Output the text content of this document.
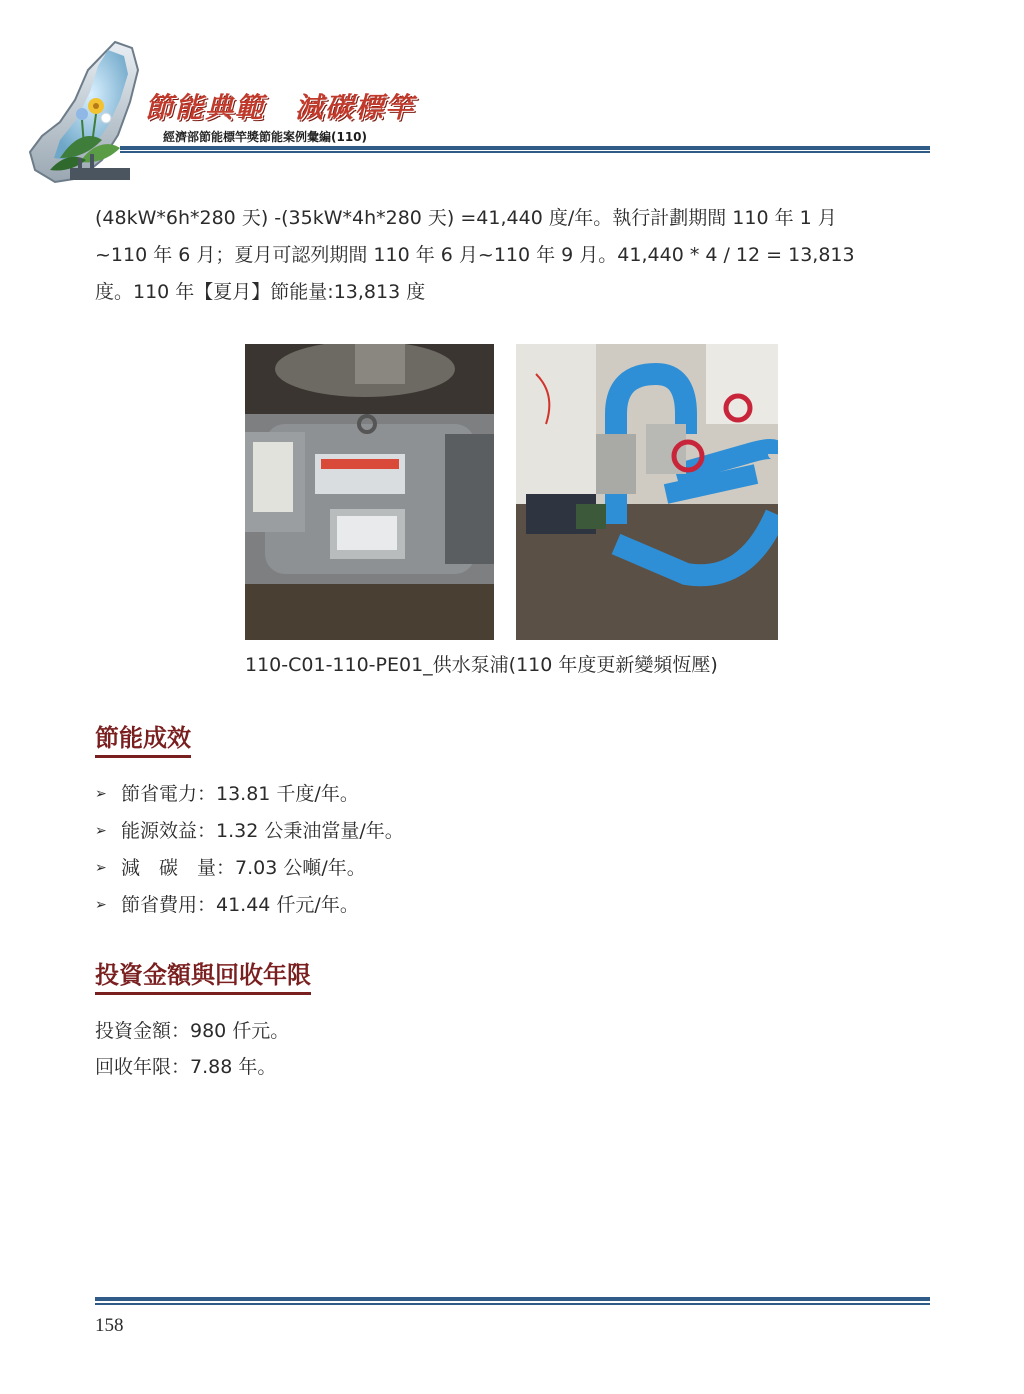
節能典範　減碳標竿
經濟部節能標竿獎節能案例彙編(110)
(48kW*6h*280 天) -(35kW*4h*280 天) =41,440 度/年。執行計劃期間 110 年 1 月
~110 年 6 月；夏月可認列期間 110 年 6 月~110 年 9 月。41,440 * 4 / 12 = 13,813
度。110 年【夏月】節能量:13,813 度
110-C01-110-PE01_供水泵浦(110 年度更新變頻恆壓)
節能成效
➢ 節省電力：13.81 千度/年。
➢ 能源效益：1.32 公秉油當量/年。
➢ 減　碳　量：7.03 公噸/年。
➢ 節省費用：41.44 仟元/年。
投資金額與回收年限
投資金額：980 仟元。
回收年限：7.88 年。
158
